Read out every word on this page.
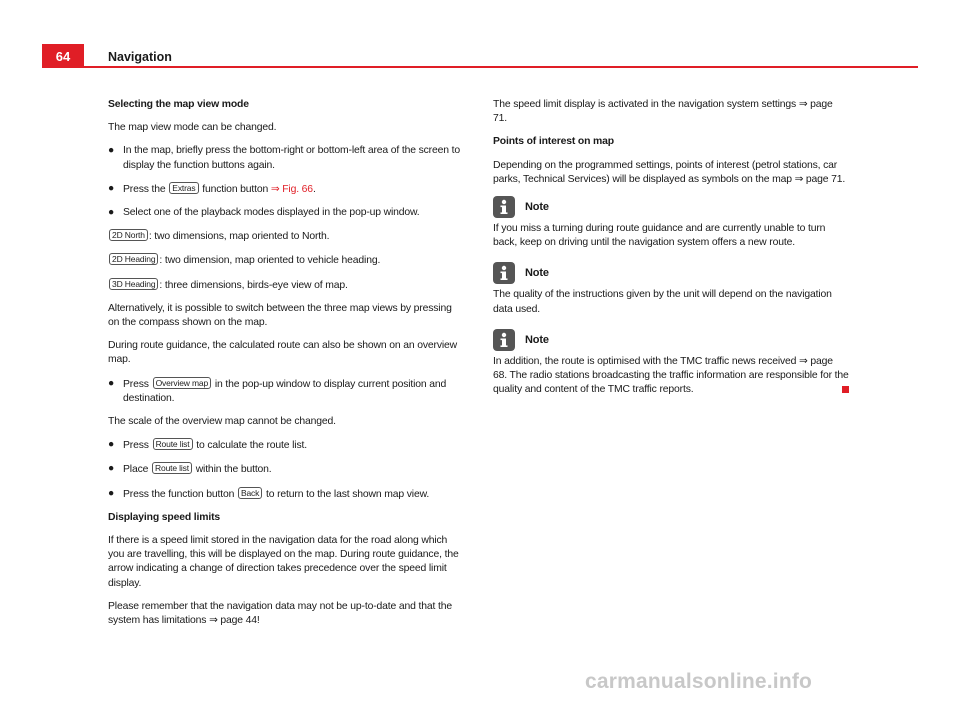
64	Navigation

Selecting the map view mode

The map view mode can be changed.

● In the map, briefly press the bottom-right or bottom-left area of the screen to display the function buttons again.
● Press the Extras function button ⇒ Fig. 66.
● Select one of the playback modes displayed in the pop-up window.

2D North : two dimensions, map oriented to North.

2D Heading : two dimension, map oriented to vehicle heading.

3D Heading : three dimensions, birds-eye view of map.

Alternatively, it is possible to switch between the three map views by pressing on the compass shown on the map.

During route guidance, the calculated route can also be shown on an overview map.

● Press Overview map in the pop-up window to display current position and destination.

The scale of the overview map cannot be changed.

● Press Route list to calculate the route list.
● Place Route list within the button.
● Press the function button Back to return to the last shown map view.

Displaying speed limits

If there is a speed limit stored in the navigation data for the road along which you are travelling, this will be displayed on the map. During route guidance, the arrow indicating a change of direction takes precedence over the speed limit display.

Please remember that the navigation data may not be up-to-date and that the system has limitations ⇒ page 44!

The speed limit display is activated in the navigation system settings ⇒ page 71.

Points of interest on map

Depending on the programmed settings, points of interest (petrol stations, car parks, Technical Services) will be displayed as symbols on the map ⇒ page 71.

Note
If you miss a turning during route guidance and are currently unable to turn back, keep on driving until the navigation system offers a new route.
Note
The quality of the instructions given by the unit will depend on the navigation data used.
Note
In addition, the route is optimised with the TMC traffic news received ⇒ page 68. The radio stations broadcasting the traffic information are responsible for the quality and content of the TMC traffic reports.
carmanualsonline.info
